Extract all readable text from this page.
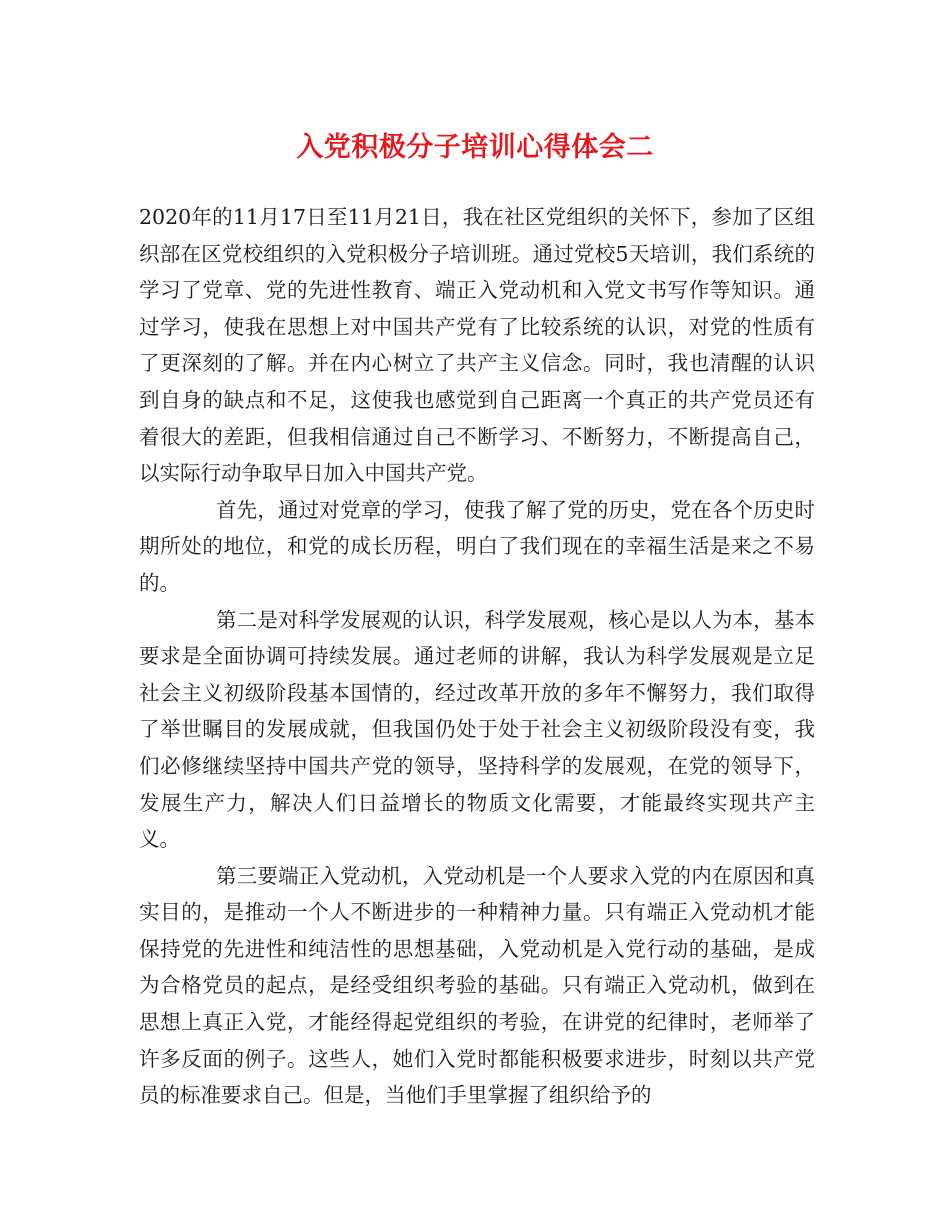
入党积极分子培训心得体会二

2020年的11月17日至11月21日，我在社区党组织的关怀下，参加了区组织部在区党校组织的入党积极分子培训班。通过党校5天培训，我们系统的学习了党章、党的先进性教育、端正入党动机和入党文书写作等知识。通过学习，使我在思想上对中国共产党有了比较系统的认识，对党的性质有了更深刻的了解。并在内心树立了共产主义信念。同时，我也清醒的认识到自身的缺点和不足，这使我也感觉到自己距离一个真正的共产党员还有着很大的差距，但我相信通过自己不断学习、不断努力，不断提高自己，以实际行动争取早日加入中国共产党。

首先，通过对党章的学习，使我了解了党的历史，党在各个历史时期所处的地位，和党的成长历程，明白了我们现在的幸福生活是来之不易的。

第二是对科学发展观的认识，科学发展观，核心是以人为本，基本要求是全面协调可持续发展。通过老师的讲解，我认为科学发展观是立足社会主义初级阶段基本国情的，经过改革开放的多年不懈努力，我们取得了举世瞩目的发展成就，但我国仍处于处于社会主义初级阶段没有变，我们必修继续坚持中国共产党的领导，坚持科学的发展观，在党的领导下，发展生产力，解决人们日益增长的物质文化需要，才能最终实现共产主义。

第三要端正入党动机，入党动机是一个人要求入党的内在原因和真实目的，是推动一个人不断进步的一种精神力量。只有端正入党动机才能保持党的先进性和纯洁性的思想基础，入党动机是入党行动的基础，是成为合格党员的起点，是经受组织考验的基础。只有端正入党动机，做到在思想上真正入党，才能经得起党组织的考验，在讲党的纪律时，老师举了许多反面的例子。这些人，她们入党时都能积极要求进步，时刻以共产党员的标准要求自己。但是，当他们手里掌握了组织给予的
